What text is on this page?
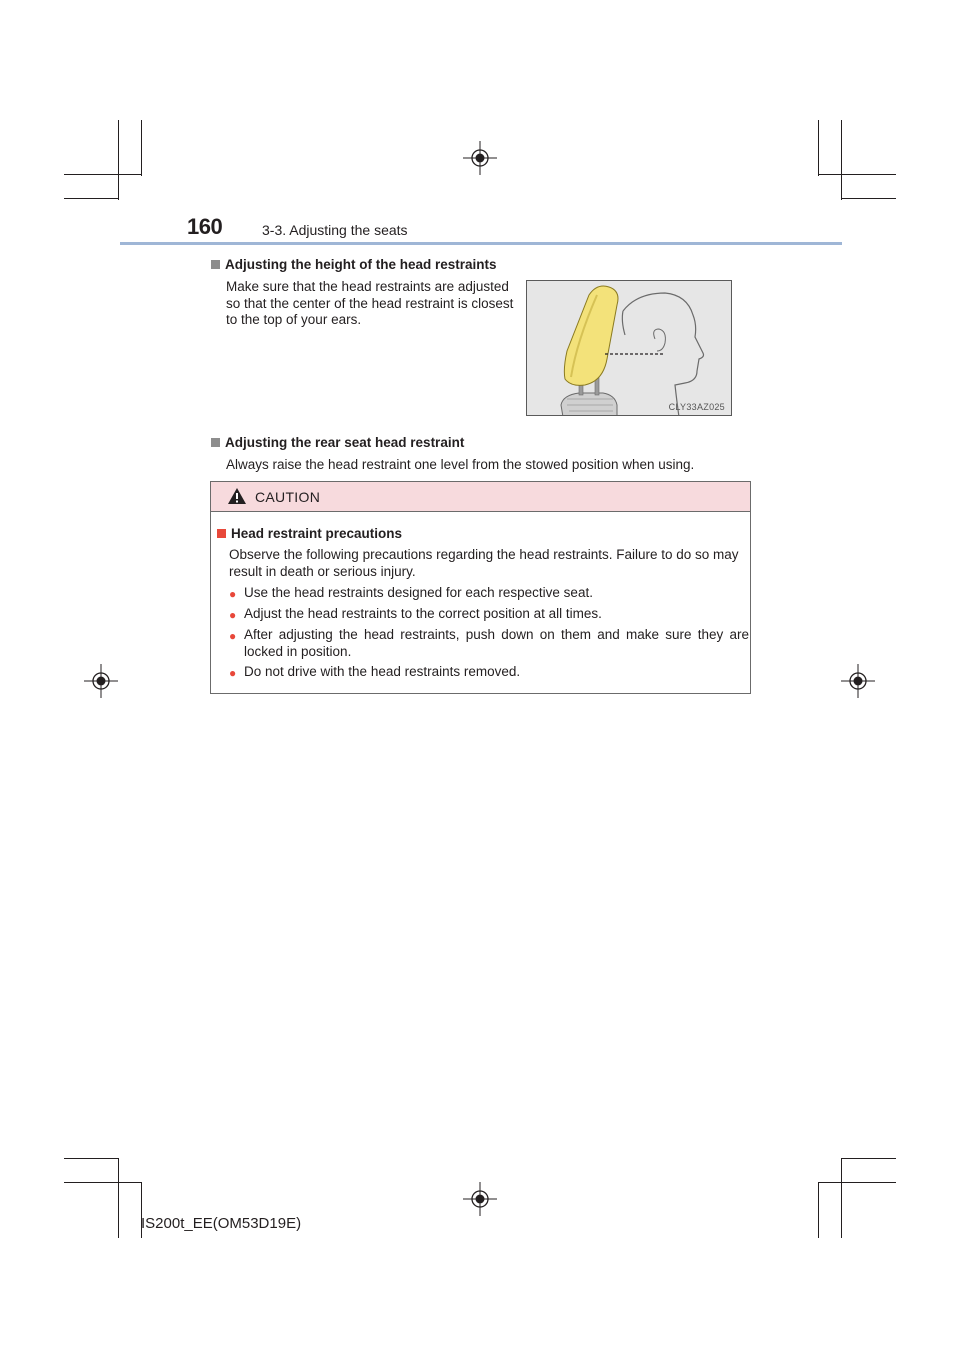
160	3-3. Adjusting the seats
Adjusting the height of the head restraints
Make sure that the head restraints are adjusted
so that the center of the head restraint is closest
to the top of your ears.
CLY33AZ025
Adjusting the rear seat head restraint
Always raise the head restraint one level from the stowed position when using.
CAUTION
Head restraint precautions
Observe the following precautions regarding the head restraints. Failure to do so may
result in death or serious injury.
● Use the head restraints designed for each respective seat.
● Adjust the head restraints to the correct position at all times.
● After adjusting the head restraints, push down on them and make sure they are locked in position.
● Do not drive with the head restraints removed.
IS200t_EE(OM53D19E)
